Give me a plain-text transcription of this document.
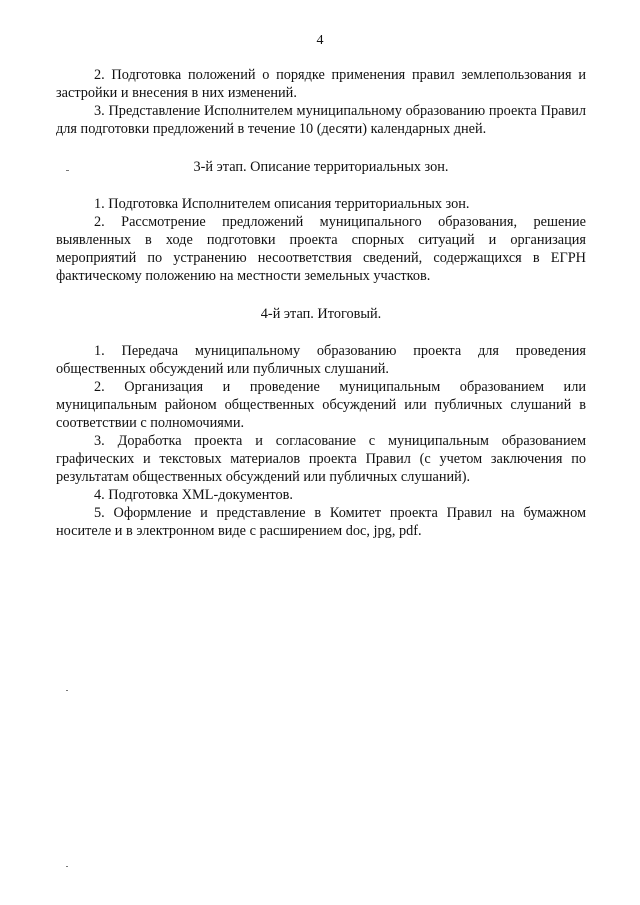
4

2. Подготовка положений о порядке применения правил землепользования и застройки и внесения в них изменений.

3. Представление Исполнителем муниципальному образованию проекта Правил для подготовки предложений в течение 10 (десяти) календарных дней.

3-й этап. Описание территориальных зон.

1. Подготовка Исполнителем описания территориальных зон.

2. Рассмотрение предложений муниципального образования, решение выявленных в ходе подготовки проекта спорных ситуаций и организация мероприятий по устранению несоответствия сведений, содержащихся в ЕГРН фактическому положению на местности земельных участков.

4-й этап. Итоговый.

1. Передача муниципальному образованию проекта для проведения общественных обсуждений или публичных слушаний.

2. Организация и проведение муниципальным образованием или муниципальным районом общественных обсуждений или публичных слушаний в соответствии с полномочиями.

3. Доработка проекта и согласование с муниципальным образованием графических и текстовых материалов проекта Правил (с учетом заключения по результатам общественных обсуждений или публичных слушаний).

4. Подготовка XML-документов.

5. Оформление и представление в Комитет проекта Правил на бумажном носителе и в электронном виде с расширением doc, jpg, pdf.
